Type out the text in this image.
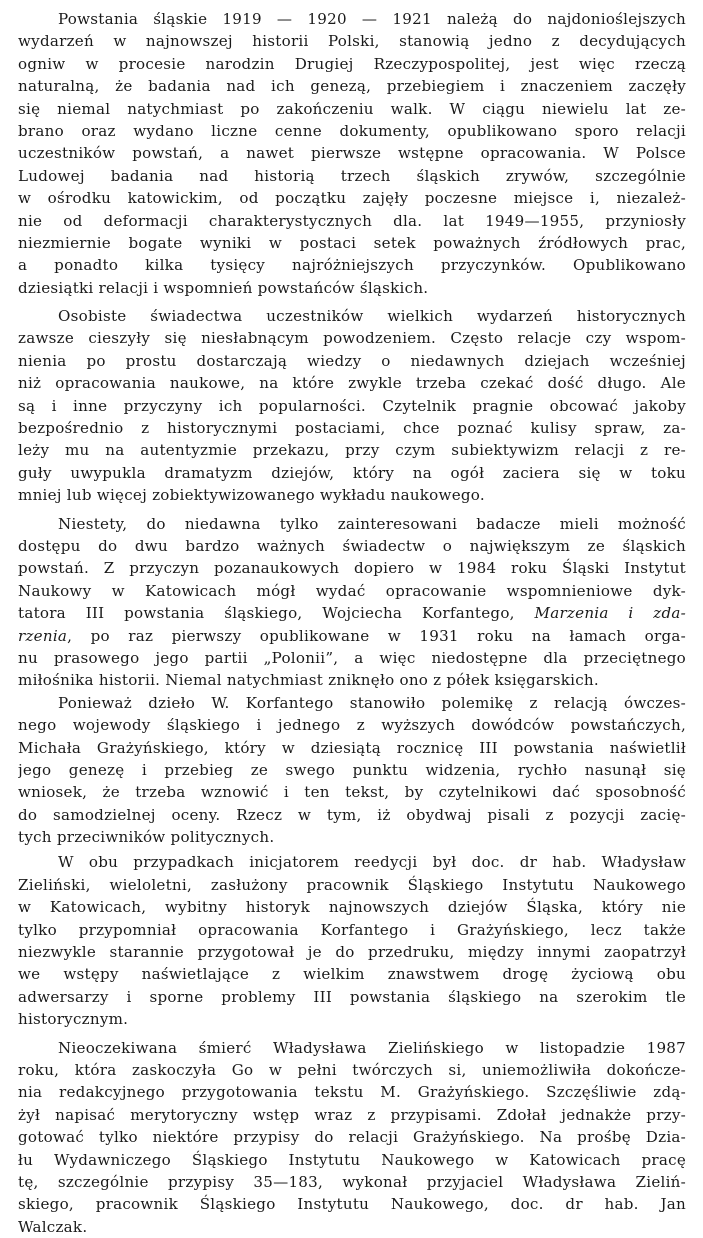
Powstania śląskie 1919 — 1920 — 1921 należą do najdonioślejszych
wydarzeń w najnowszej historii Polski, stanowią jedno z decydujących
ogniw w procesie narodzin Drugiej Rzeczypospolitej, jest więc rzeczą
naturalną, że badania nad ich genezą, przebiegiem i znaczeniem zaczęły
się niemal natychmiast po zakończeniu walk. W ciągu niewielu lat ze-
brano oraz wydano liczne cenne dokumenty, opublikowano sporo relacji
uczestników powstań, a nawet pierwsze wstępne opracowania. W Polsce
Ludowej badania nad historią trzech śląskich zrywów, szczególnie
w ośrodku katowickim, od początku zajęły poczesne miejsce i, niezależ-
nie od deformacji charakterystycznych dla. lat 1949—1955, przyniosły
niezmiernie bogate wyniki w postaci setek poważnych źródłowych prac,
a ponadto kilka tysięcy najróżniejszych przyczynków. Opublikowano
dziesiątki relacji i wspomnień powstańców śląskich.
Osobiste świadectwa uczestników wielkich wydarzeń historycznych
zawsze cieszyły się niesłabnącym powodzeniem. Często relacje czy wspom-
nienia po prostu dostarczają wiedzy o niedawnych dziejach wcześniej
niż opracowania naukowe, na które zwykle trzeba czekać dość długo. Ale
są i inne przyczyny ich popularności. Czytelnik pragnie obcować jakoby
bezpośrednio z historycznymi postaciami, chce poznać kulisy spraw, za-
leży mu na autentyzmie przekazu, przy czym subiektywizm relacji z re-
guły uwypukla dramatyzm dziejów, który na ogół zaciera się w toku
mniej lub więcej zobiektywizowanego wykładu naukowego.
Niestety, do niedawna tylko zainteresowani badacze mieli możność
dostępu do dwu bardzo ważnych świadectw o największym ze śląskich
powstań. Z przyczyn pozanaukowych dopiero w 1984 roku Śląski Instytut
Naukowy w Katowicach mógł wydać opracowanie wspomnieniowe dyk-
tatora III powstania śląskiego, Wojciecha Korfantego, Marzenia i zda-
rzenia, po raz pierwszy opublikowane w 1931 roku na łamach orga-
nu prasowego jego partii „Polonii”, a więc niedostępne dla przeciętnego
miłośnika historii. Niemal natychmiast zniknęło ono z półek księgarskich.
Ponieważ dzieło W. Korfantego stanowiło polemikę z relacją ówczes-
nego wojewody śląskiego i jednego z wyższych dowódców powstańczych,
Michała Grażyńskiego, który w dziesiątą rocznicę III powstania naświetlił
jego genezę i przebieg ze swego punktu widzenia, rychło nasunął się
wniosek, że trzeba wznowić i ten tekst, by czytelnikowi dać sposobność
do samodzielnej oceny. Rzecz w tym, iż obydwaj pisali z pozycji zacię-
tych przeciwników politycznych.
W obu przypadkach inicjatorem reedycji był doc. dr hab. Władysław
Zieliński, wieloletni, zasłużony pracownik Śląskiego Instytutu Naukowego
w Katowicach, wybitny historyk najnowszych dziejów Śląska, który nie
tylko przypomniał opracowania Korfantego i Grażyńskiego, lecz także
niezwykle starannie przygotował je do przedruku, między innymi zaopatrzył
we wstępy naświetlające z wielkim znawstwem drogę życiową obu
adwersarzy i sporne problemy III powstania śląskiego na szerokim tle
historycznym.
Nieoczekiwana śmierć Władysława Zielińskiego w listopadzie 1987
roku, która zaskoczyła Go w pełni twórczych si, uniemożliwiła dokończe-
nia redakcyjnego przygotowania tekstu M. Grażyńskiego. Szczęśliwie zdą-
żył napisać merytoryczny wstęp wraz z przypisami. Zdołał jednakże przy-
gotować tylko niektóre przypisy do relacji Grażyńskiego. Na prośbę Dzia-
łu Wydawniczego Śląskiego Instytutu Naukowego w Katowicach pracę
tę, szczególnie przypisy 35—183, wykonał przyjaciel Władysława Zieliń-
skiego, pracownik Śląskiego Instytutu Naukowego, doc. dr hab. Jan
Walczak.
